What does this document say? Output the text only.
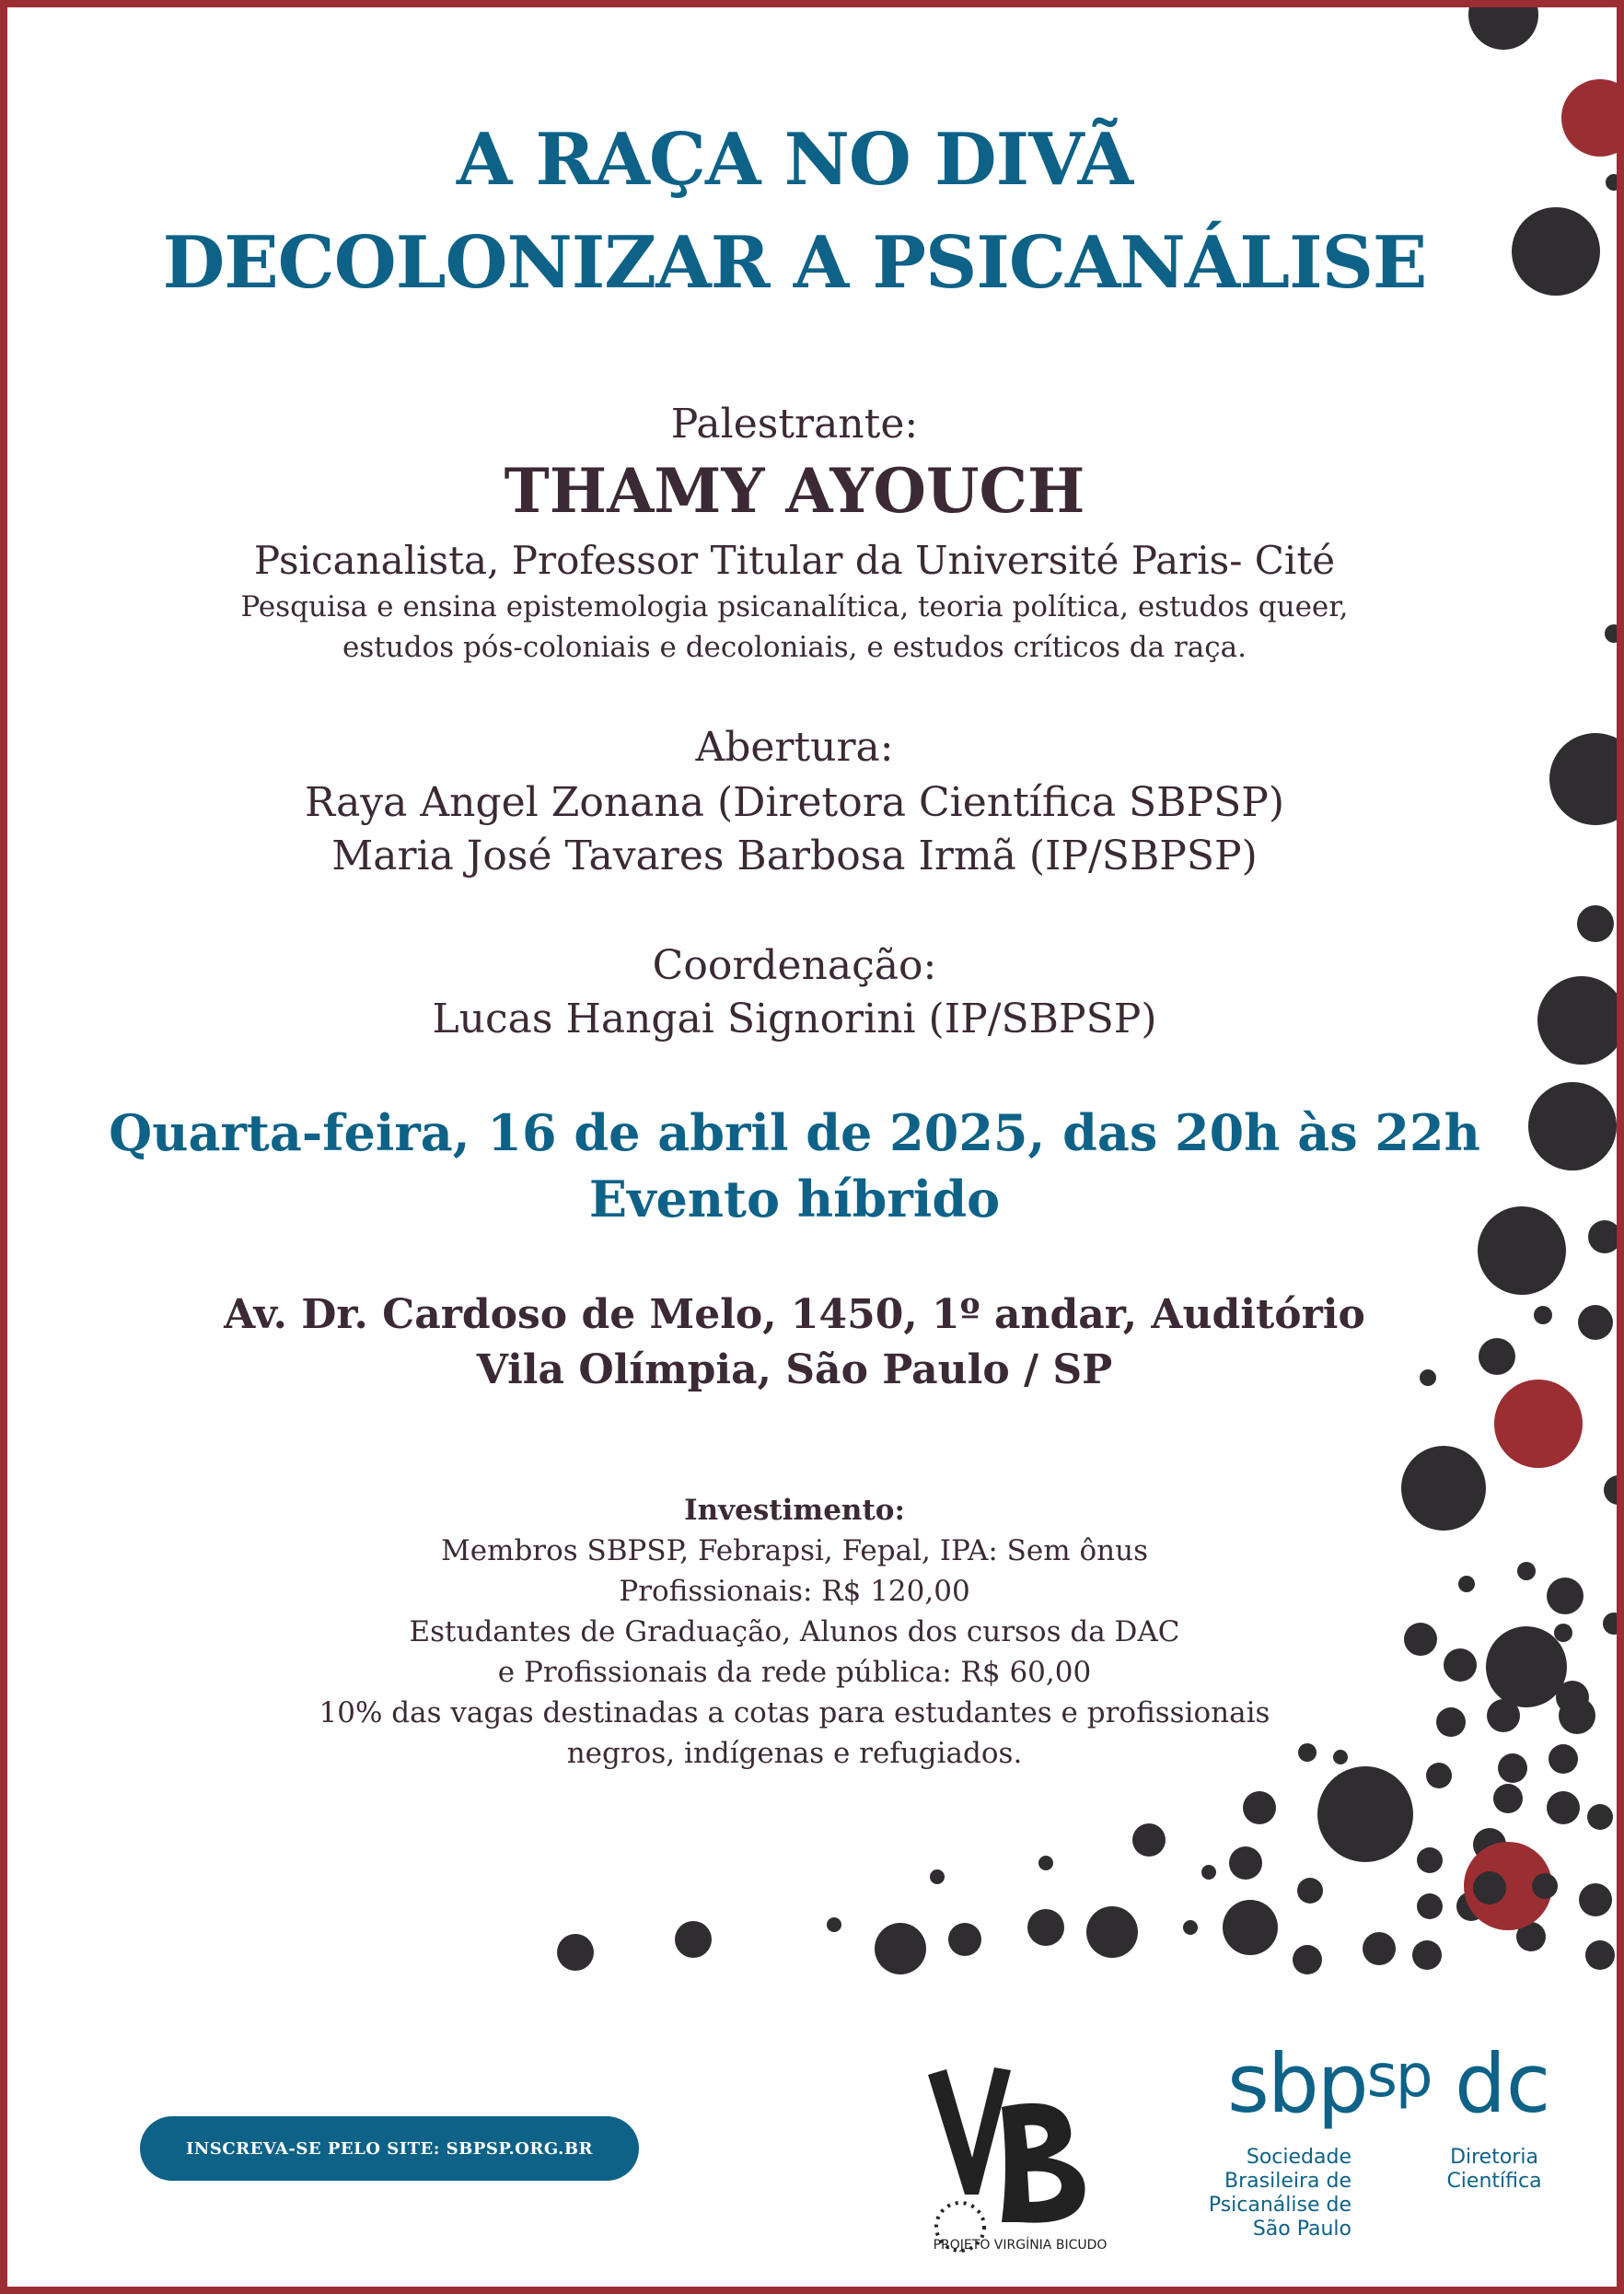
A RAÇA NO DIVÃ
DECOLONIZAR A PSICANÁLISE
Palestrante:
THAMY AYOUCH
Psicanalista, Professor Titular da Université Paris- Cité
Pesquisa e ensina epistemologia psicanalítica, teoria política, estudos queer,
estudos pós-coloniais e decoloniais, e estudos críticos da raça.
Abertura:
Raya Angel Zonana (Diretora Científica SBPSP)
Maria José Tavares Barbosa Irmã (IP/SBPSP)
Coordenação:
Lucas Hangai Signorini (IP/SBPSP)
Quarta-feira, 16 de abril de 2025, das 20h às 22h
Evento híbrido
Av. Dr. Cardoso de Melo, 1450, 1º andar, Auditório
Vila Olímpia, São Paulo / SP
Investimento:
Membros SBPSP, Febrapsi, Fepal, IPA: Sem ônus
Profissionais: R$ 120,00
Estudantes de Graduação, Alunos dos cursos da DAC
e Profissionais da rede pública: R$ 60,00
10% das vagas destinadas a cotas para estudantes e profissionais
negros, indígenas e refugiados.
INSCREVA-SE PELO SITE: SBPSP.ORG.BR
PROJETO VIRGÍNIA BICUDO
sbp$^{sp}$ dc
Sociedade
Brasileira de
Psicanálise de
São Paulo
Diretoria
Científica
